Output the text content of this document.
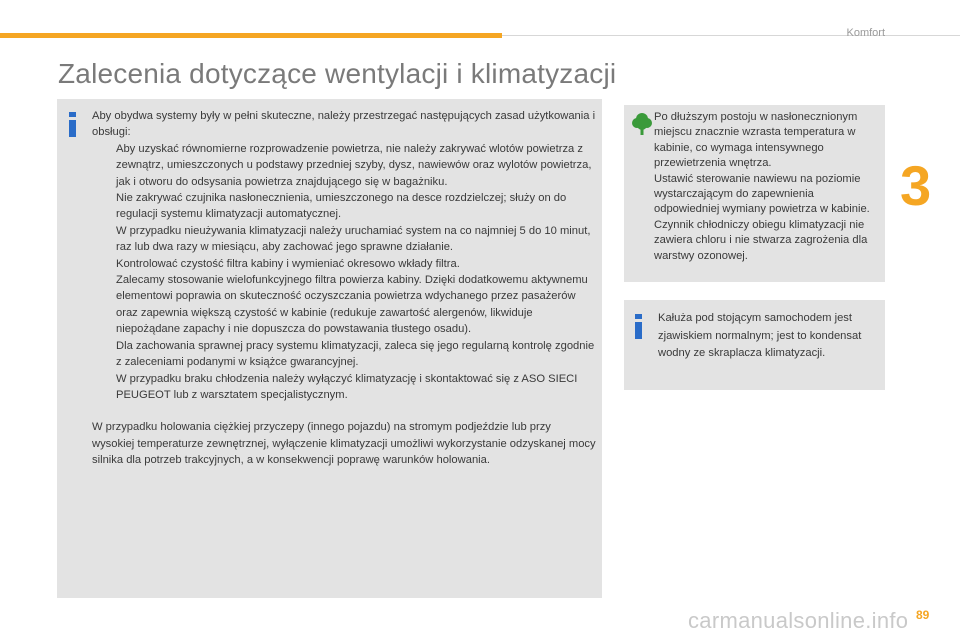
Komfort
3
Zalecenia dotyczące wentylacji i klimatyzacji

Aby obydwa systemy były w pełni skuteczne, należy przestrzegać następujących zasad użytkowania i obsługi:

Aby uzyskać równomierne rozprowadzenie powietrza, nie należy zakrywać wlotów powietrza z zewnątrz, umieszczonych u podstawy przedniej szyby, dysz, nawiewów oraz wylotów powietrza, jak i otworu do odsysania powietrza znajdującego się w bagażniku.
Nie zakrywać czujnika nasłonecznienia, umieszczonego na desce rozdzielczej; służy on do regulacji systemu klimatyzacji automatycznej.
W przypadku nieużywania klimatyzacji należy uruchamiać system na co najmniej 5 do 10 minut, raz lub dwa razy w miesiącu, aby zachować jego sprawne działanie.
Kontrolować czystość filtra kabiny i wymieniać okresowo wkłady filtra.
Zalecamy stosowanie wielofunkcyjnego filtra powierza kabiny. Dzięki dodatkowemu aktywnemu elementowi poprawia on skuteczność oczyszczania powietrza wdychanego przez pasażerów oraz zapewnia większą czystość w kabinie (redukuje zawartość alergenów, likwiduje niepożądane zapachy i nie dopuszcza do powstawania tłustego osadu).
Dla zachowania sprawnej pracy systemu klimatyzacji, zaleca się jego regularną kontrolę zgodnie z zaleceniami podanymi w książce gwarancyjnej.
W przypadku braku chłodzenia należy wyłączyć klimatyzację i skontaktować się z ASO SIECI PEUGEOT lub z warsztatem specjalistycznym.

W przypadku holowania ciężkiej przyczepy (innego pojazdu) na stromym podjeździe lub przy wysokiej temperaturze zewnętrznej, wyłączenie klimatyzacji umożliwi wykorzystanie odzyskanej mocy silnika dla potrzeb trakcyjnych, a w konsekwencji poprawę warunków holowania.

Po dłuższym postoju w nasłonecznionym miejscu znacznie wzrasta temperatura w kabinie, co wymaga intensywnego przewietrzenia wnętrza.

Ustawić sterowanie nawiewu na poziomie wystarczającym do zapewnienia odpowiedniej wymiany powietrza w kabinie.

Czynnik chłodniczy obiegu klimatyzacji nie zawiera chloru i nie stwarza zagrożenia dla warstwy ozonowej.

Kałuża pod stojącym samochodem jest zjawiskiem normalnym; jest to kondensat wodny ze skraplacza klimatyzacji.
carmanualsonline.info 89
